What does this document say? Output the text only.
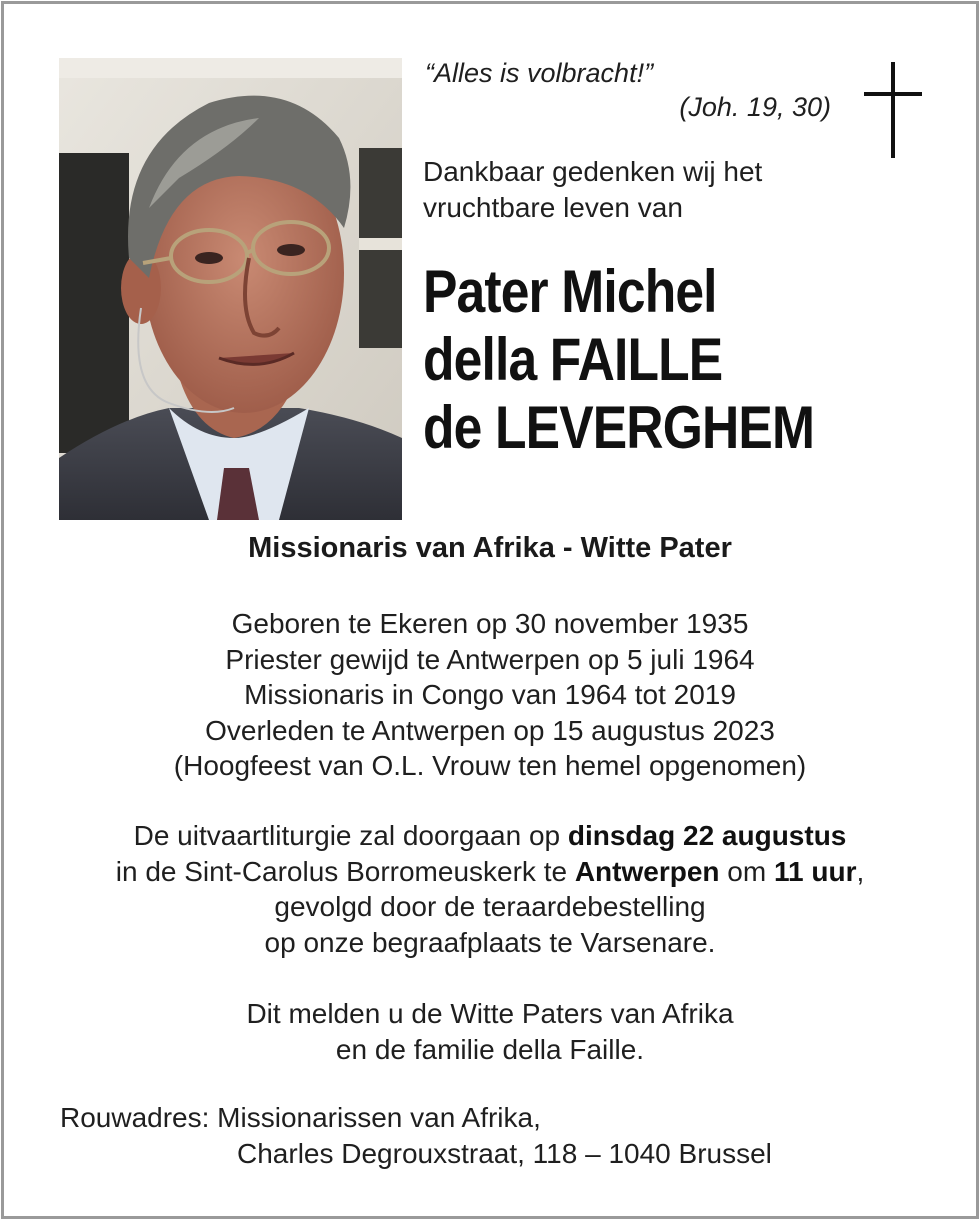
“Alles is volbracht!”
(Joh. 19, 30)
Dankbaar gedenken wij het
vruchtbare leven van
Pater Michel
della FAILLE
de LEVERGHEM
Missionaris van Afrika - Witte Pater
Geboren te Ekeren op 30 november 1935
Priester gewijd te Antwerpen op 5 juli 1964
Missionaris in Congo van 1964 tot 2019
Overleden te Antwerpen op 15 augustus 2023
(Hoogfeest van O.L. Vrouw ten hemel opgenomen)
De uitvaartliturgie zal doorgaan op dinsdag 22 augustus
in de Sint-Carolus Borromeuskerk te Antwerpen om 11 uur,
gevolgd door de teraardebestelling
op onze begraafplaats te Varsenare.
Dit melden u de Witte Paters van Afrika
en de familie della Faille.
Rouwadres: Missionarissen van Afrika,
Charles Degrouxstraat, 118 – 1040 Brussel
